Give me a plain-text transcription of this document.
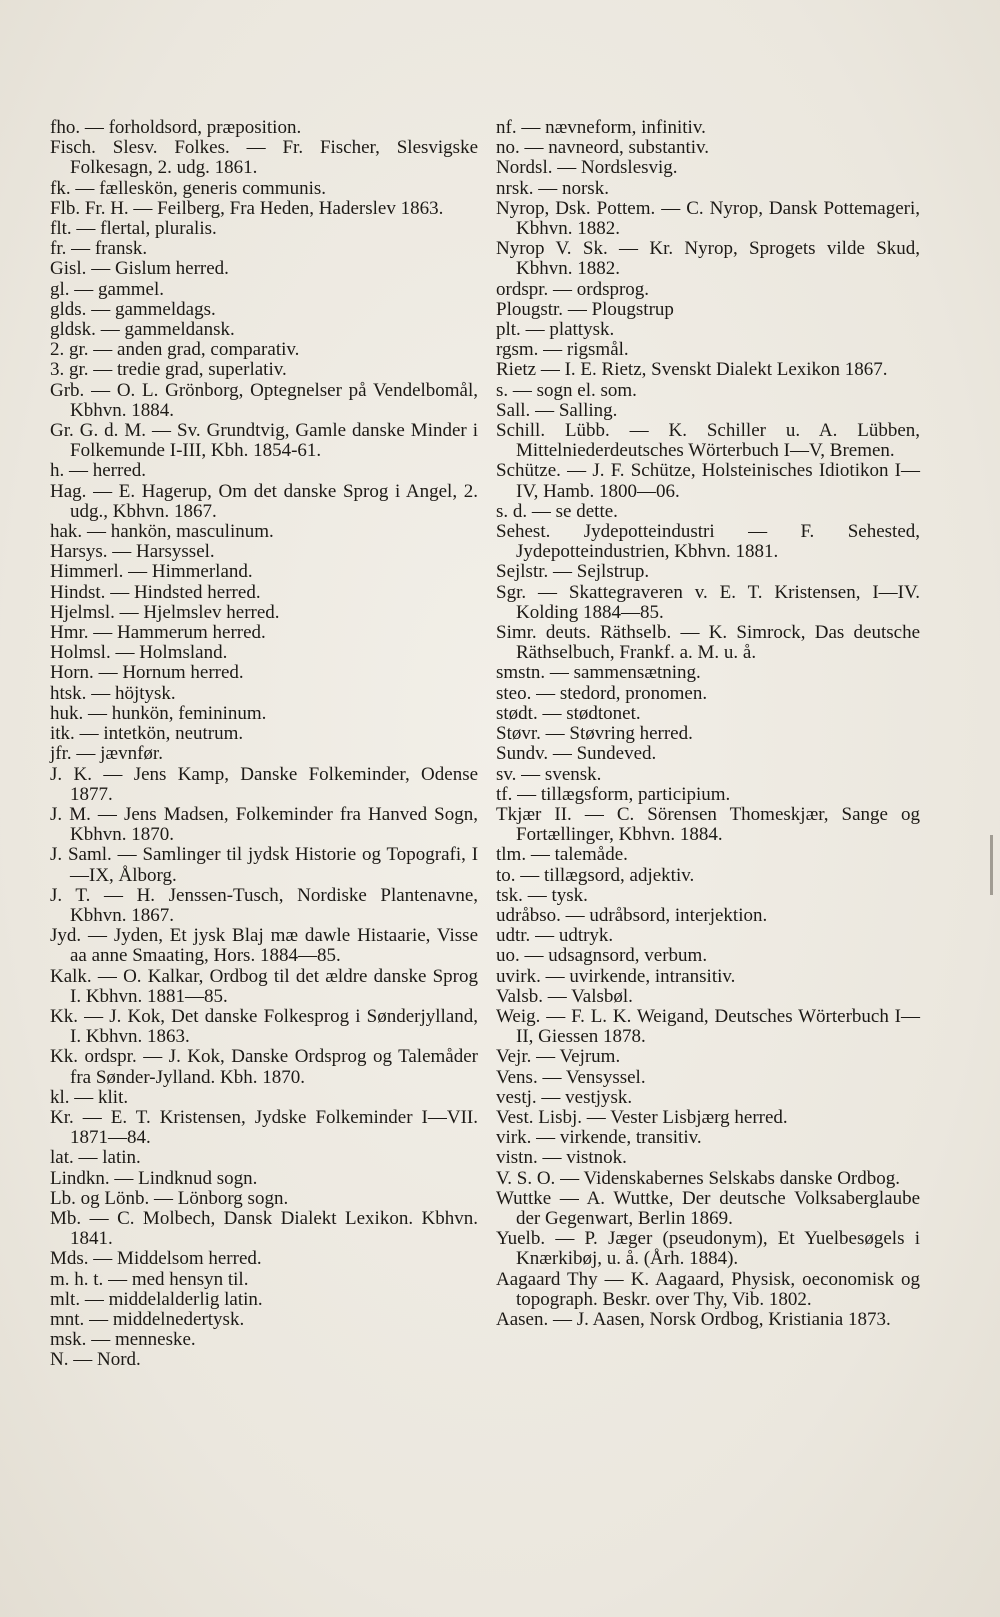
fho. — forholdsord, præposition.

Fisch. Slesv. Folkes. — Fr. Fischer, Slesvigske Folkesagn, 2. udg. 1861.

fk. — fælleskön, generis communis.

Flb. Fr. H. — Feilberg, Fra Heden, Haderslev 1863.

flt. — flertal, pluralis.

fr. — fransk.

Gisl. — Gislum herred.

gl. — gammel.

glds. — gammeldags.

gldsk. — gammeldansk.

2. gr. — anden grad, comparativ.

3. gr. — tredie grad, superlativ.

Grb. — O. L. Grönborg, Optegnelser på Vendelbomål, Kbhvn. 1884.

Gr. G. d. M. — Sv. Grundtvig, Gamle danske Minder i Folkemunde I-III, Kbh. 1854-61.

h. — herred.

Hag. — E. Hagerup, Om det danske Sprog i Angel, 2. udg., Kbhvn. 1867.

hak. — hankön, masculinum.

Harsys. — Harsyssel.

Himmerl. — Himmerland.

Hindst. — Hindsted herred.

Hjelmsl. — Hjelmslev herred.

Hmr. — Hammerum herred.

Holmsl. — Holmsland.

Horn. — Hornum herred.

htsk. — höjtysk.

huk. — hunkön, femininum.

itk. — intetkön, neutrum.

jfr. — jævnfør.

J. K. — Jens Kamp, Danske Folkeminder, Odense 1877.

J. M. — Jens Madsen, Folkeminder fra Hanved Sogn, Kbhvn. 1870.

J. Saml. — Samlinger til jydsk Historie og Topografi, I—IX, Ålborg.

J. T. — H. Jenssen-Tusch, Nordiske Plantenavne, Kbhvn. 1867.

Jyd. — Jyden, Et jysk Blaj mæ dawle Histaarie, Visse aa anne Smaating, Hors. 1884—85.

Kalk. — O. Kalkar, Ordbog til det ældre danske Sprog I. Kbhvn. 1881—85.

Kk. — J. Kok, Det danske Folkesprog i Sønderjylland, I. Kbhvn. 1863.

Kk. ordspr. — J. Kok, Danske Ordsprog og Talemåder fra Sønder-Jylland. Kbh. 1870.

kl. — klit.

Kr. — E. T. Kristensen, Jydske Folkeminder I—VII. 1871—84.

lat. — latin.

Lindkn. — Lindknud sogn.

Lb. og Lönb. — Lönborg sogn.

Mb. — C. Molbech, Dansk Dialekt Lexikon. Kbhvn. 1841.

Mds. — Middelsom herred.

m. h. t. — med hensyn til.

mlt. — middelalderlig latin.

mnt. — middelnedertysk.

msk. — menneske.

N. — Nord.

nf. — nævneform, infinitiv.

no. — navneord, substantiv.

Nordsl. — Nordslesvig.

nrsk. — norsk.

Nyrop, Dsk. Pottem. — C. Nyrop, Dansk Pottemageri, Kbhvn. 1882.

Nyrop V. Sk. — Kr. Nyrop, Sprogets vilde Skud, Kbhvn. 1882.

ordspr. — ordsprog.

Plougstr. — Plougstrup

plt. — plattysk.

rgsm. — rigsmål.

Rietz — I. E. Rietz, Svenskt Dialekt Lexikon 1867.

s. — sogn el. som.

Sall. — Salling.

Schill. Lübb. — K. Schiller u. A. Lübben, Mittelniederdeutsches Wörterbuch I—V, Bremen.

Schütze. — J. F. Schütze, Holsteinisches Idiotikon I—IV, Hamb. 1800—06.

s. d. — se dette.

Sehest. Jydepotteindustri — F. Sehested, Jydepotteindustrien, Kbhvn. 1881.

Sejlstr. — Sejlstrup.

Sgr. — Skattegraveren v. E. T. Kristensen, I—IV. Kolding 1884—85.

Simr. deuts. Räthselb. — K. Simrock, Das deutsche Räthselbuch, Frankf. a. M. u. å.

smstn. — sammensætning.

steo. — stedord, pronomen.

stødt. — stødtonet.

Støvr. — Støvring herred.

Sundv. — Sundeved.

sv. — svensk.

tf. — tillægsform, participium.

Tkjær II. — C. Sörensen Thomeskjær, Sange og Fortællinger, Kbhvn. 1884.

tlm. — talemåde.

to. — tillægsord, adjektiv.

tsk. — tysk.

udråbso. — udråbsord, interjektion.

udtr. — udtryk.

uo. — udsagnsord, verbum.

uvirk. — uvirkende, intransitiv.

Valsb. — Valsbøl.

Weig. — F. L. K. Weigand, Deutsches Wörterbuch I—II, Giessen 1878.

Vejr. — Vejrum.

Vens. — Vensyssel.

vestj. — vestjysk.

Vest. Lisbj. — Vester Lisbjærg herred.

virk. — virkende, transitiv.

vistn. — vistnok.

V. S. O. — Videnskabernes Selskabs danske Ordbog.

Wuttke — A. Wuttke, Der deutsche Volksaberglaube der Gegenwart, Berlin 1869.

Yuelb. — P. Jæger (pseudonym), Et Yuelbesøgels i Knærkibøj, u. å. (Årh. 1884).

Aagaard Thy — K. Aagaard, Physisk, oeconomisk og topograph. Beskr. over Thy, Vib. 1802.

Aasen. — J. Aasen, Norsk Ordbog, Kristiania 1873.
